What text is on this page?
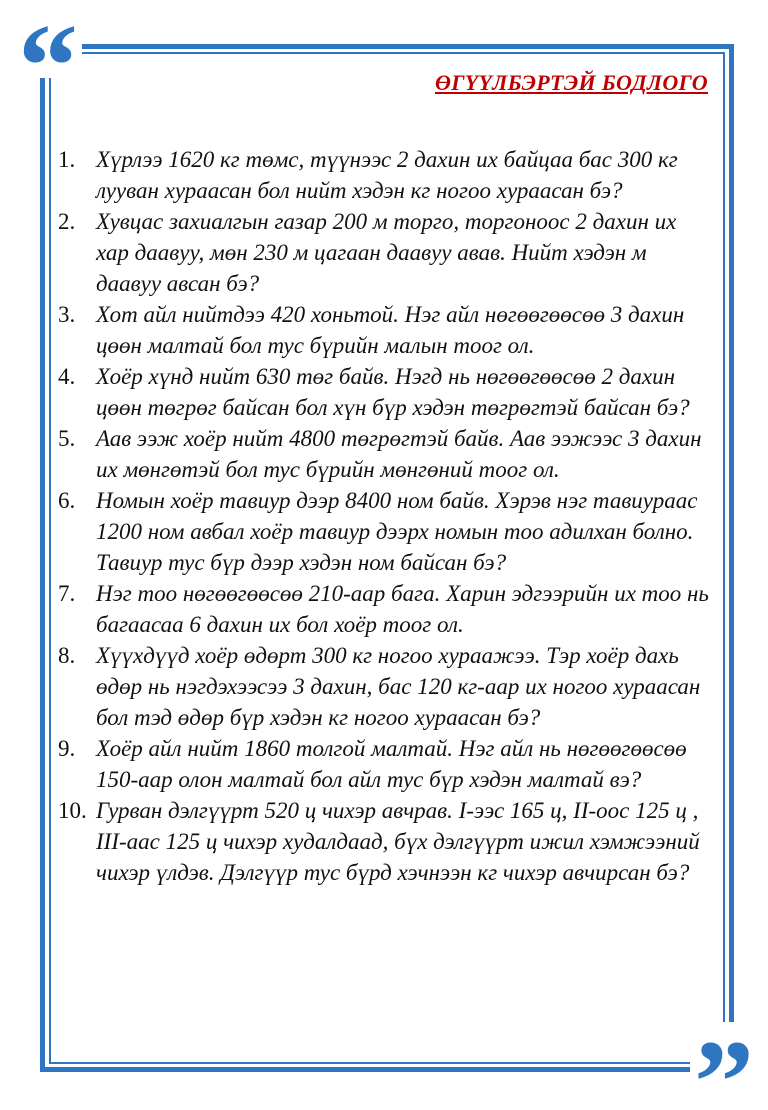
“
”
ӨГҮҮЛБЭРТЭЙ БОДЛОГО
1. Хүрлээ 1620 кг төмс, түүнээс 2 дахин их байцаа бас 300 кг лууван хураасан бол нийт хэдэн кг ногоо хураасан бэ?
2. Хувцас захиалгын газар 200 м торго, торгоноос 2 дахин их хар даавуу, мөн 230 м цагаан даавуу авав. Нийт хэдэн м даавуу авсан бэ?
3. Хот айл нийтдээ 420 хоньтой. Нэг айл нөгөөгөөсөө 3 дахин цөөн малтай бол тус бүрийн малын тоог ол.
4. Хоёр хүнд нийт 630 төг байв. Нэгд нь нөгөөгөөсөө 2 дахин цөөн төгрөг байсан бол хүн бүр хэдэн төгрөгтэй байсан бэ?
5. Аав ээж хоёр нийт 4800 төгрөгтэй байв. Аав ээжээс 3 дахин их мөнгөтэй бол тус бүрийн мөнгөний тоог ол.
6. Номын хоёр тавиур дээр 8400 ном байв. Хэрэв нэг тавиураас 1200 ном авбал хоёр тавиур дээрх номын тоо адилхан болно. Тавиур тус бүр дээр хэдэн ном байсан бэ?
7. Нэг тоо нөгөөгөөсөө 210-аар бага. Харин эдгээрийн их тоо нь багаасаа 6 дахин их бол хоёр тоог ол.
8. Хүүхдүүд хоёр өдөрт 300 кг ногоо хураажээ. Тэр хоёр дахь өдөр нь нэгдэхээсээ 3 дахин, бас 120 кг-аар их ногоо хураасан бол тэд өдөр бүр хэдэн кг ногоо хураасан бэ?
9. Хоёр айл нийт 1860 толгой малтай. Нэг айл нь нөгөөгөөсөө 150-аар олон малтай бол айл тус бүр хэдэн малтай вэ?
10. Гурван дэлгүүрт 520 ц чихэр авчрав. I-ээс 165 ц, II-оос 125 ц , III-аас 125 ц чихэр худалдаад, бүх дэлгүүрт ижил хэмжээний чихэр үлдэв. Дэлгүүр тус бүрд хэчнээн кг чихэр авчирсан бэ?
